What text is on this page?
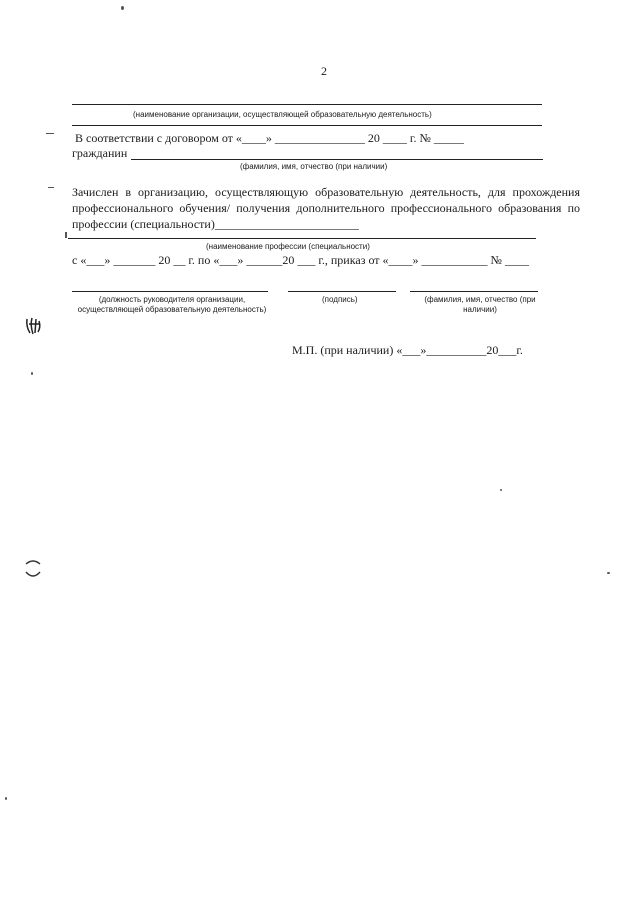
2
(наименование организации, осуществляющей образовательную деятельность)
В соответствии с договором от «____» _______________ 20 ____ г. № _____
гражданин
(фамилия, имя, отчество (при наличии)
Зачислен в организацию, осуществляющую образовательную деятельность, для прохождения профессионального обучения/ получения дополнительного профессионального образования по профессии (специальности)________________________
(наименование профессии (специальности)
с «___» _______ 20 __ г. по «___» ______20 ___ г., приказ от «____» ___________ № ____
(должность руководителя организации, осуществляющей образовательную деятельность)
(подпись)	(фамилия, имя, отчество (при наличии)
М.П. (при наличии) «___»__________20___г.
